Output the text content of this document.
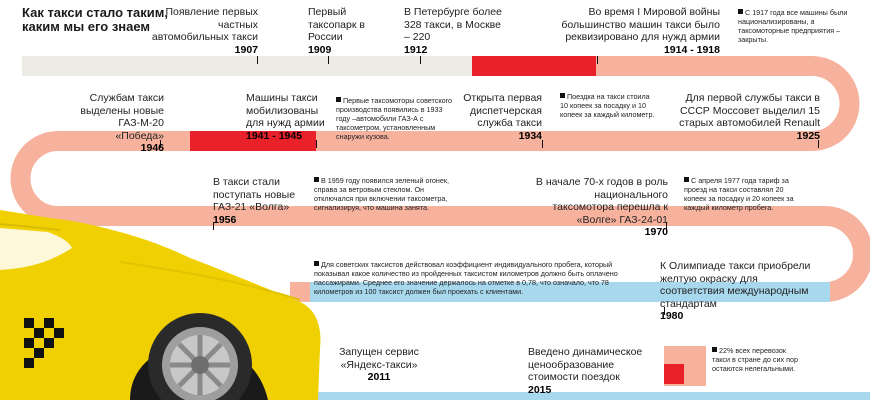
Как такси стало таким, каким мы его знаем
Появление первых частных автомобильных такси
1907
Первый таксопарк в России
1909
В Петербурге более 328 такси, в Москве – 220
1912
Во время I Мировой войны большинство машин такси было реквизировано для нужд армии
1914 - 1918
С 1917 года все машины были национализированы, а таксомоторные предприятия – закрыты.
Для первой службы такси в СССР Моссовет выделил 15 старых автомобилей Renault
1925
Поездка на такси стоила 10 копеек за посадку и 10 копеек за каждый километр.
Открыта первая диспетчерская служба такси
1934
Первые таксомоторы советского производства появились в 1933 году –автомобили ГАЗ-А с таксометром, установленным снаружи кузова.
Машины такси мобилизованы для нужд армии
1941 - 1945
Службам такси выделены новые ГАЗ-М-20 «Победа»
1946
В такси стали поступать новые ГАЗ-21 «Волга»
1956
В 1959 году появился зеленый огонек, справа за ветровым стеклом. Он отключался при включении таксометра, сигнализируя, что машина занята.
В начале 70-х годов в роль национального таксомотора перешла к «Волге» ГАЗ-24-01
1970
С апреля 1977 года тариф за проезд на такси составлял 20 копеек за посадку и 20 копеек за каждый километр пробега.
Для советских таксистов действовал коэффициент индивидуального пробега, который показывал какое количество из пройденных таксистом километров должно быть оплачено пассажирами. Среднее его значение держалось на отметке в 0,78, что означало, что 78 километров из 100 таксист должен был проехать с клиентами.
К Олимпиаде такси приобрели желтую окраску для соответствия международным стандартам
1980
Запущен сервис «Яндекс-такси»
2011
Введено динамическое ценообразование стоимости поездок
2015
22% всех перевозок такси в стране до сих пор остаются нелегальными.
